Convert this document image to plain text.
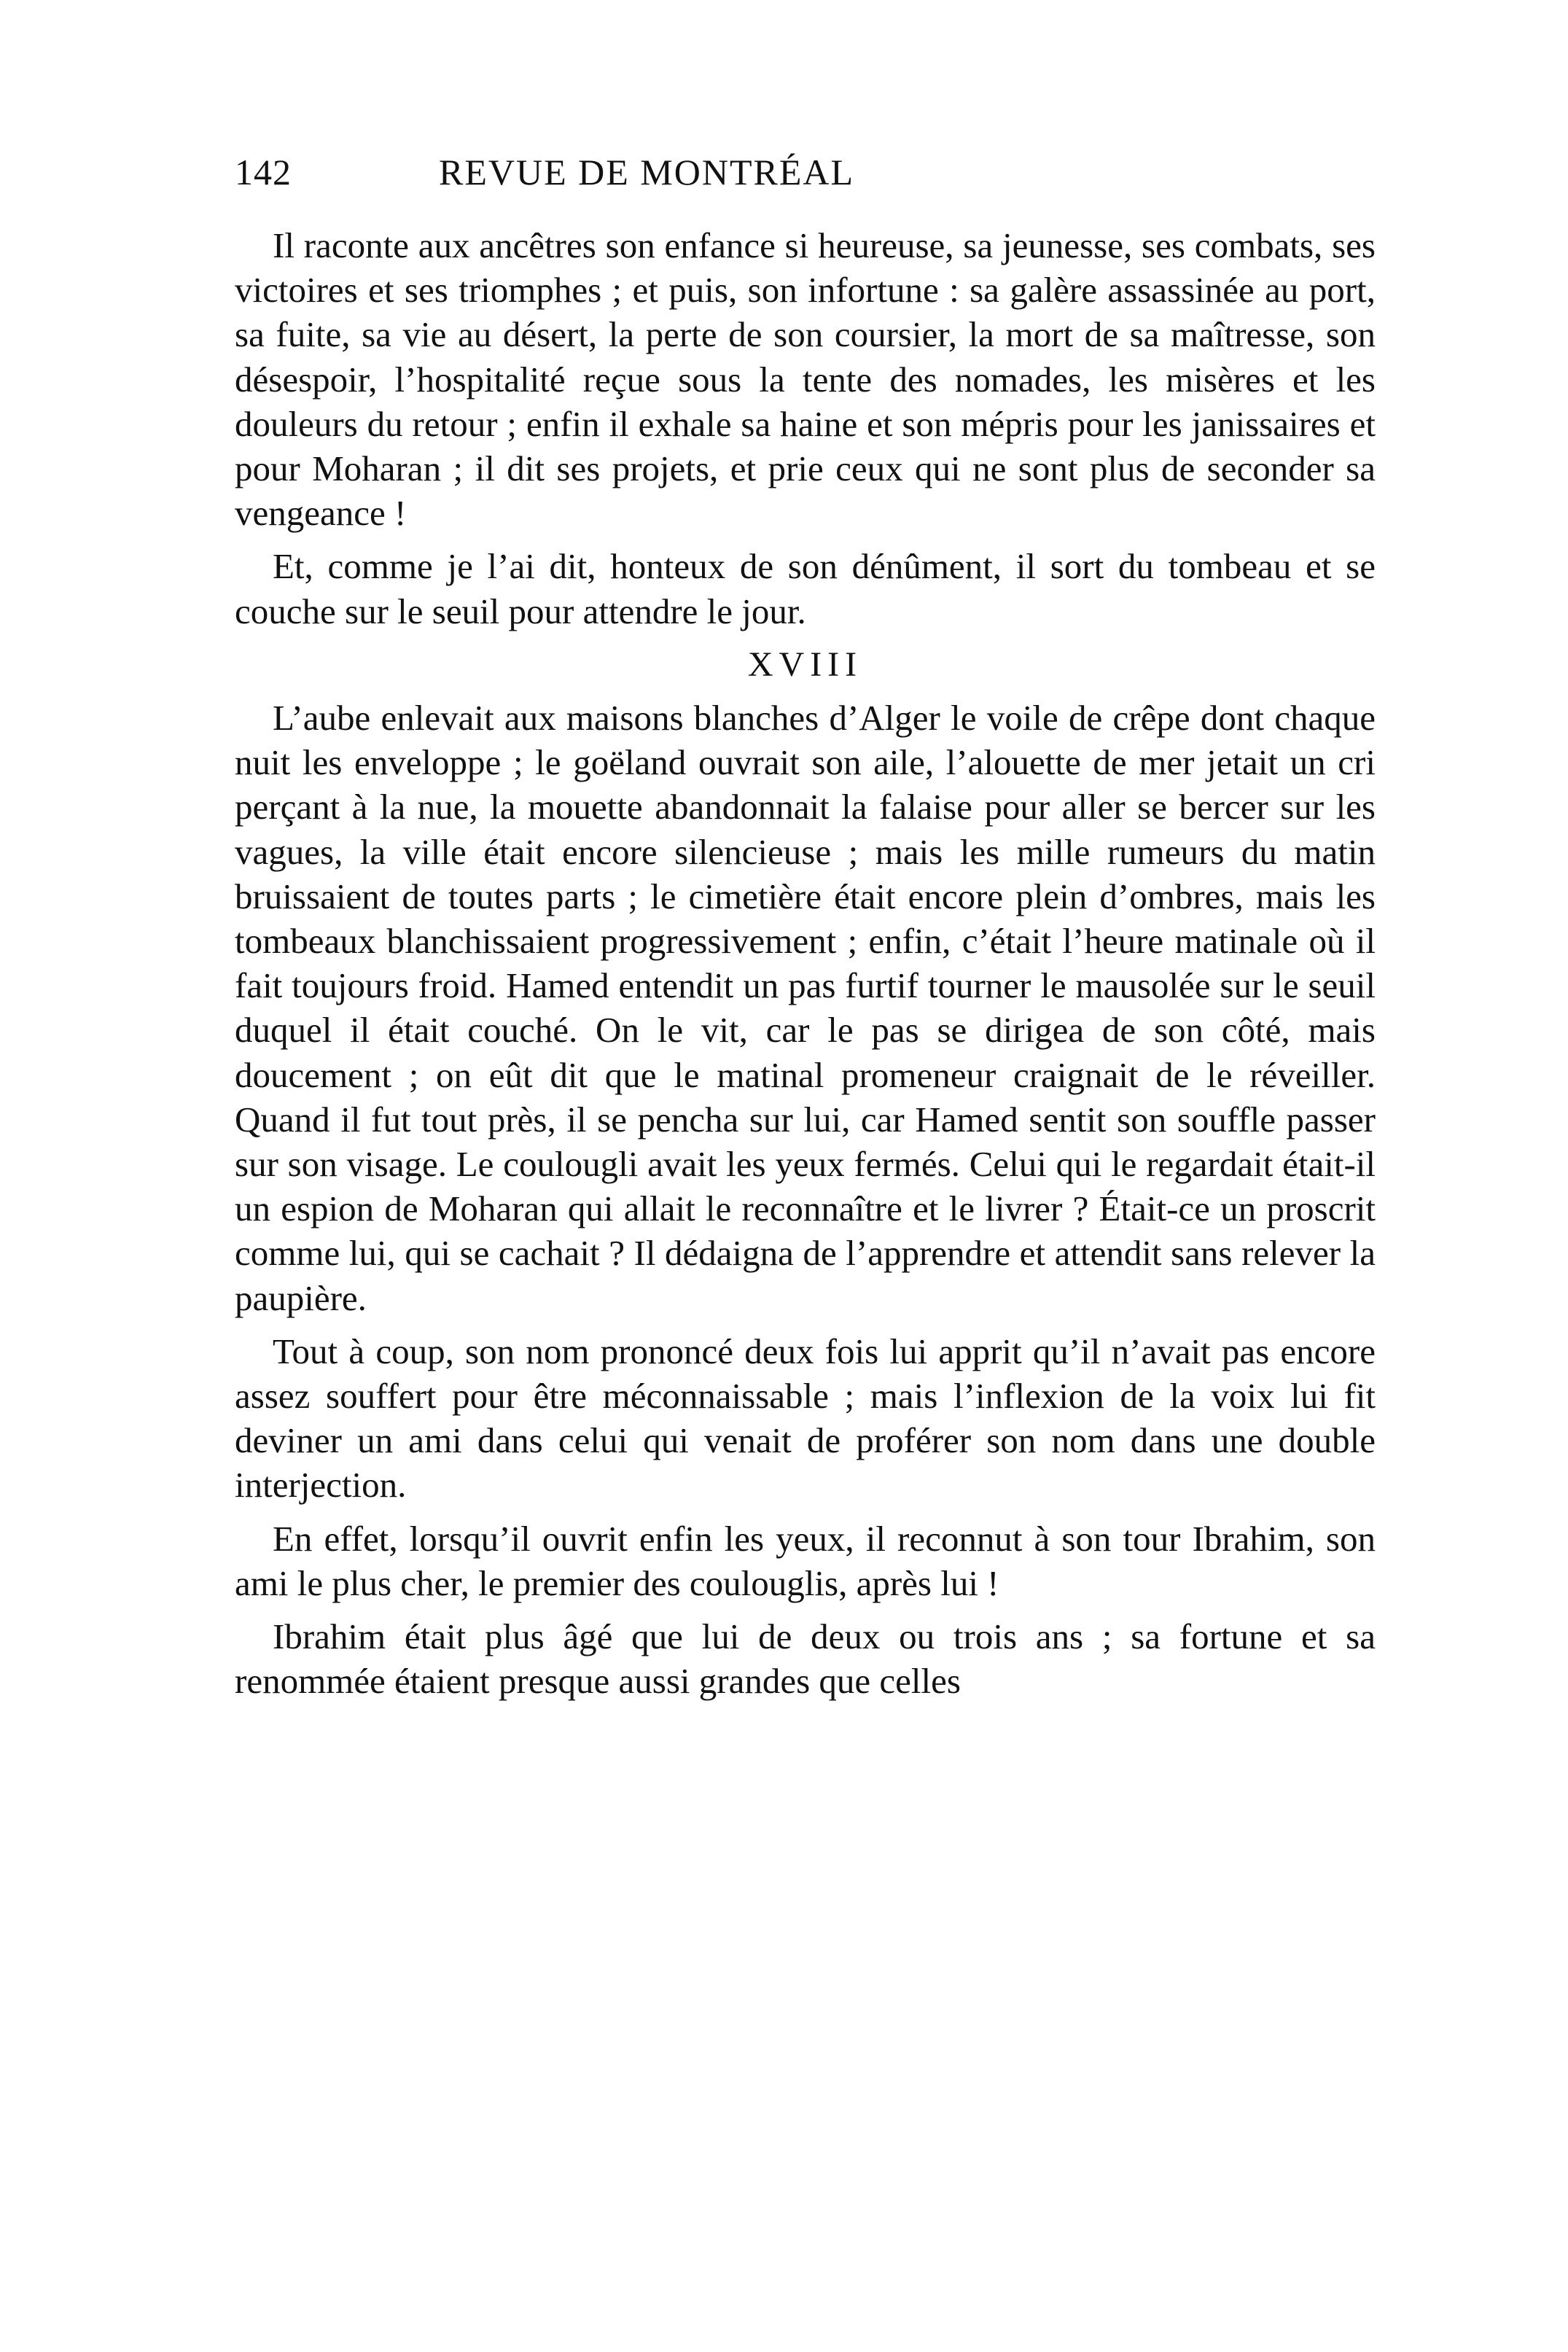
142	REVUE DE MONTRÉAL

Il raconte aux ancêtres son enfance si heureuse, sa jeunesse, ses combats, ses victoires et ses triomphes ; et puis, son infortune : sa galère assassinée au port, sa fuite, sa vie au désert, la perte de son coursier, la mort de sa maîtresse, son désespoir, l’hospitalité reçue sous la tente des nomades, les misères et les douleurs du retour ; enfin il exhale sa haine et son mépris pour les janissaires et pour Moharan ; il dit ses projets, et prie ceux qui ne sont plus de seconder sa vengeance !

Et, comme je l’ai dit, honteux de son dénûment, il sort du tombeau et se couche sur le seuil pour attendre le jour.

XVIII

L’aube enlevait aux maisons blanches d’Alger le voile de crêpe dont chaque nuit les enveloppe ; le goëland ouvrait son aile, l’alouette de mer jetait un cri perçant à la nue, la mouette abandonnait la falaise pour aller se bercer sur les vagues, la ville était encore silencieuse ; mais les mille rumeurs du matin bruissaient de toutes parts ; le cimetière était encore plein d’ombres, mais les tombeaux blanchissaient progressivement ; enfin, c’était l’heure matinale où il fait toujours froid. Hamed entendit un pas furtif tourner le mausolée sur le seuil duquel il était couché. On le vit, car le pas se dirigea de son côté, mais doucement ; on eût dit que le matinal promeneur craignait de le réveiller. Quand il fut tout près, il se pencha sur lui, car Hamed sentit son souffle passer sur son visage. Le coulougli avait les yeux fermés. Celui qui le regardait était-il un espion de Moharan qui allait le reconnaître et le livrer ? Était-ce un proscrit comme lui, qui se cachait ? Il dédaigna de l’apprendre et attendit sans relever la paupière.

Tout à coup, son nom prononcé deux fois lui apprit qu’il n’avait pas encore assez souffert pour être méconnaissable ; mais l’inflexion de la voix lui fit deviner un ami dans celui qui venait de proférer son nom dans une double interjection.

En effet, lorsqu’il ouvrit enfin les yeux, il reconnut à son tour Ibrahim, son ami le plus cher, le premier des coulouglis, après lui !

Ibrahim était plus âgé que lui de deux ou trois ans ; sa fortune et sa renommée étaient presque aussi grandes que celles
